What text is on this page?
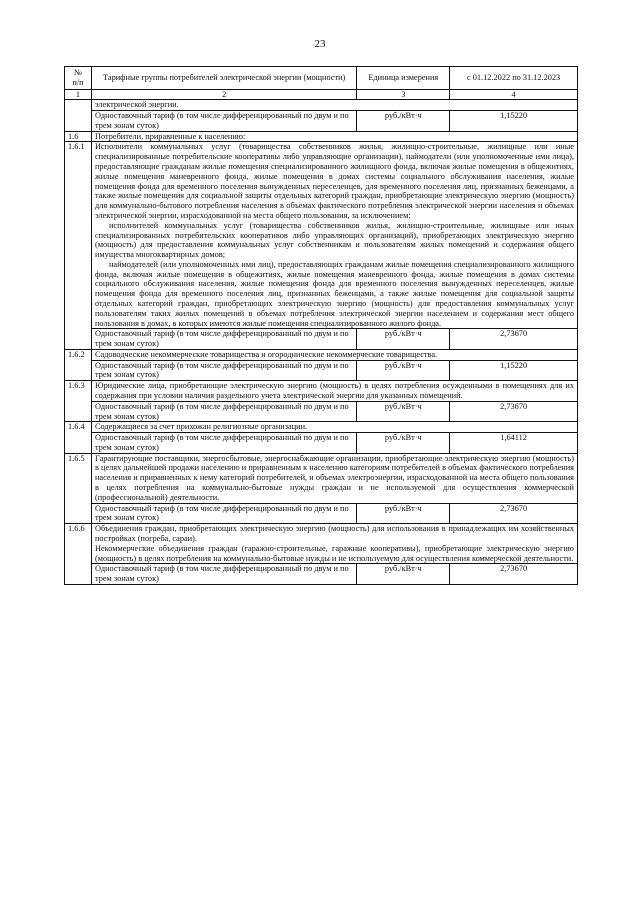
23
№
п/п	Тарифные группы потребителей электрической энергии (мощности)	Единица измерения	с 01.12.2022 по 31.12.2023
1	2	3	4
	электрической энергии.		
	Одноставочный тариф (в том числе дифференцированный по двум и по трем зонам суток)	руб./кВт·ч	1,15220
1.6	Потребители, приравненные к населению:		
1.6.1	Исполнители коммунальных услуг (товарищества собственников жилья, жилищно-строительные, жилищные или иные специализированные потребительские кооперативы либо управляющие организации), наймодатели (или уполномоченные ими лица), предоставляющие гражданам жилые помещения специализированного жилищного фонда, включая жилые помещения в общежитиях, жилые помещения маневренного фонда, жилые помещения в домах системы социального обслуживания населения, жилые помещения фонда для временного поселения вынужденных переселенцев, для временного поселения лиц, признанных беженцами, а также жилые помещения для социальной защиты отдельных категорий граждан, приобретающие электрическую энергию (мощность) для коммунально-бытового потребления населения в объемах фактического потребления электрической энергии населения и объемах электрической энергии, израсходованной на места общего пользования, за исключением:

исполнителей коммунальных услуг (товарищества собственников жилья, жилищно-строительные, жилищные или иных специализированных потребительских кооперативов либо управляющих организаций), приобретающих электрическую энергию (мощность) для предоставления коммунальных услуг собственникам и пользователям жилых помещений и содержания общего имущества многоквартирных домов;

наймодателей (или уполномоченных ими лиц), предоставляющих гражданам жилые помещения специализированного жилищного фонда, включая жилые помещения в общежитиях, жилые помещения маневренного фонда, жилые помещения в домах системы социального обслуживания населения, жилые помещения фонда для временного поселения вынужденных переселенцев, жилые помещения фонда для временного поселения лиц, признанных беженцами, а также жилые помещения для социальной защиты отдельных категорий граждан, приобретающих электрическую энергию (мощность) для предоставления коммунальных услуг пользователям таких жилых помещений в объемах потребления электрической энергии населением и содержания мест общего пользования в домах, в которых имеются жилые помещения специализированного жилого фонда.		

	Одноставочный тариф (в том числе дифференцированный по двум и по трем зонам суток)	руб./кВт·ч	2,73670
1.6.2	Садоводческие некоммерческие товарищества и огороднические некоммерческие товарищества.		
	Одноставочный тариф (в том числе дифференцированный по двум и по трем зонам суток)	руб./кВт·ч	1,15220
1.6.3	Юридические лица, приобретающие электрическую энергию (мощность) в целях потребления осужденными в помещениях для их содержания при условии наличия раздельного учета электрической энергии для указанных помещений.		
	Одноставочный тариф (в том числе дифференцированный по двум и по трем зонам суток)	руб./кВт·ч	2,73670
1.6.4	Содержащиеся за счет прихожан религиозные организации.		
	Одноставочный тариф (в том числе дифференцированный по двум и по трем зонам суток)	руб./кВт·ч	1,64112
1.6.5	Гарантирующие поставщики, энергосбытовые, энергоснабжающие организации, приобретающие электрическую энергию (мощность) в целях дальнейшей продажи населению и приравненным к населению категориям потребителей в объемах фактического потребления населения и приравненных к нему категорий потребителей, и объемах электроэнергии, израсходованной на места общего пользования в целях потребления на коммунально-бытовые нужды граждан и не используемой для осуществления коммерческой (профессиональной) деятельности.		
	Одноставочный тариф (в том числе дифференцированный по двум и по трем зонам суток)	руб./кВт·ч	2,73670
1.6.6	Объединения граждан, приобретающих электрическую энергию (мощность) для использования в принадлежащих им хозяйственных постройках (погреба, сараи).

Некоммерческие объединения граждан (гаражно-строительные, гаражные кооперативы), приобретающие электрическую энергию (мощность) в целях потребления на коммунально-бытовые нужды и не используемую для осуществления коммерческой деятельности.		

	Одноставочный тариф (в том числе дифференцированный по двум и по трем зонам суток)	руб./кВт·ч	2,73670
